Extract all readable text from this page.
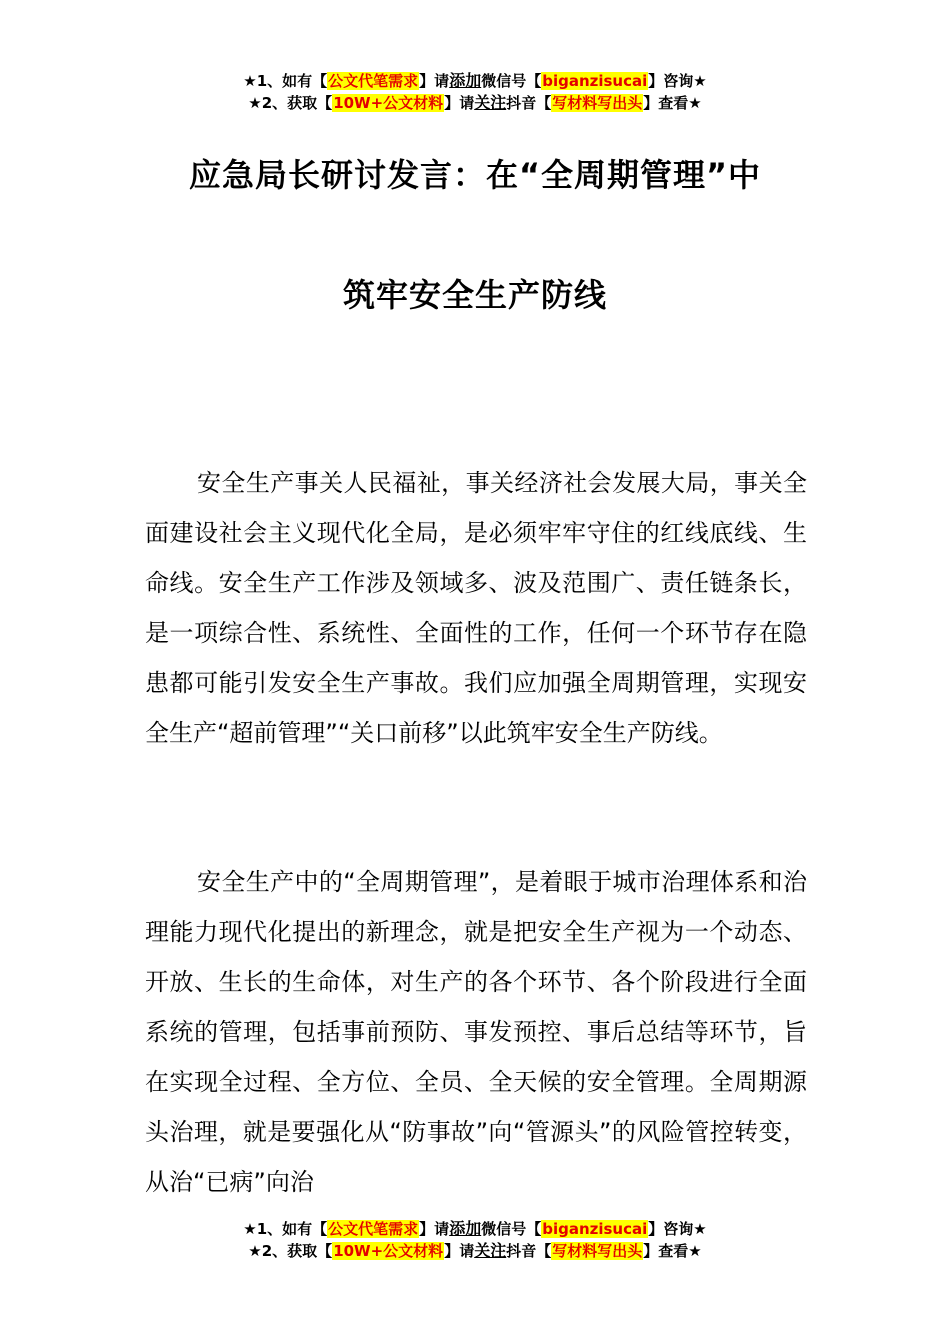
★1、如有【公文代笔需求】请添加微信号【biganzisucai】咨询★
★2、获取【10W+公文材料】请关注抖音【写材料写出头】查看★
应急局长研讨发言：在“全周期管理”中
筑牢安全生产防线
安全生产事关人民福祉，事关经济社会发展大局，事关全面建设社会主义现代化全局，是必须牢牢守住的红线底线、生命线。安全生产工作涉及领域多、波及范围广、责任链条长，是一项综合性、系统性、全面性的工作，任何一个环节存在隐患都可能引发安全生产事故。我们应加强全周期管理，实现安全生产“超前管理”“关口前移”以此筑牢安全生产防线。
安全生产中的“全周期管理”，是着眼于城市治理体系和治理能力现代化提出的新理念，就是把安全生产视为一个动态、开放、生长的生命体，对生产的各个环节、各个阶段进行全面系统的管理，包括事前预防、事发预控、事后总结等环节，旨在实现全过程、全方位、全员、全天候的安全管理。全周期源头治理，就是要强化从“防事故”向“管源头”的风险管控转变，从治“已病”向治
★1、如有【公文代笔需求】请添加微信号【biganzisucai】咨询★
★2、获取【10W+公文材料】请关注抖音【写材料写出头】查看★
